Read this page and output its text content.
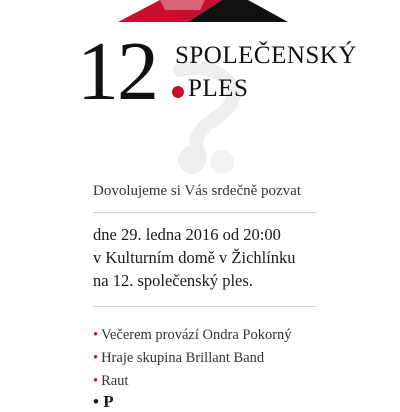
12 SPOLEČENSKÝ
PLES
Dovolujeme si Vás srdečně pozvat
dne 29. ledna 2016 od 20:00
v Kulturním domě v Žichlínku
na 12. společenský ples.
• Večerem provází Ondra Pokorný
• Hraje skupina Brillant Band
• Raut
• P
